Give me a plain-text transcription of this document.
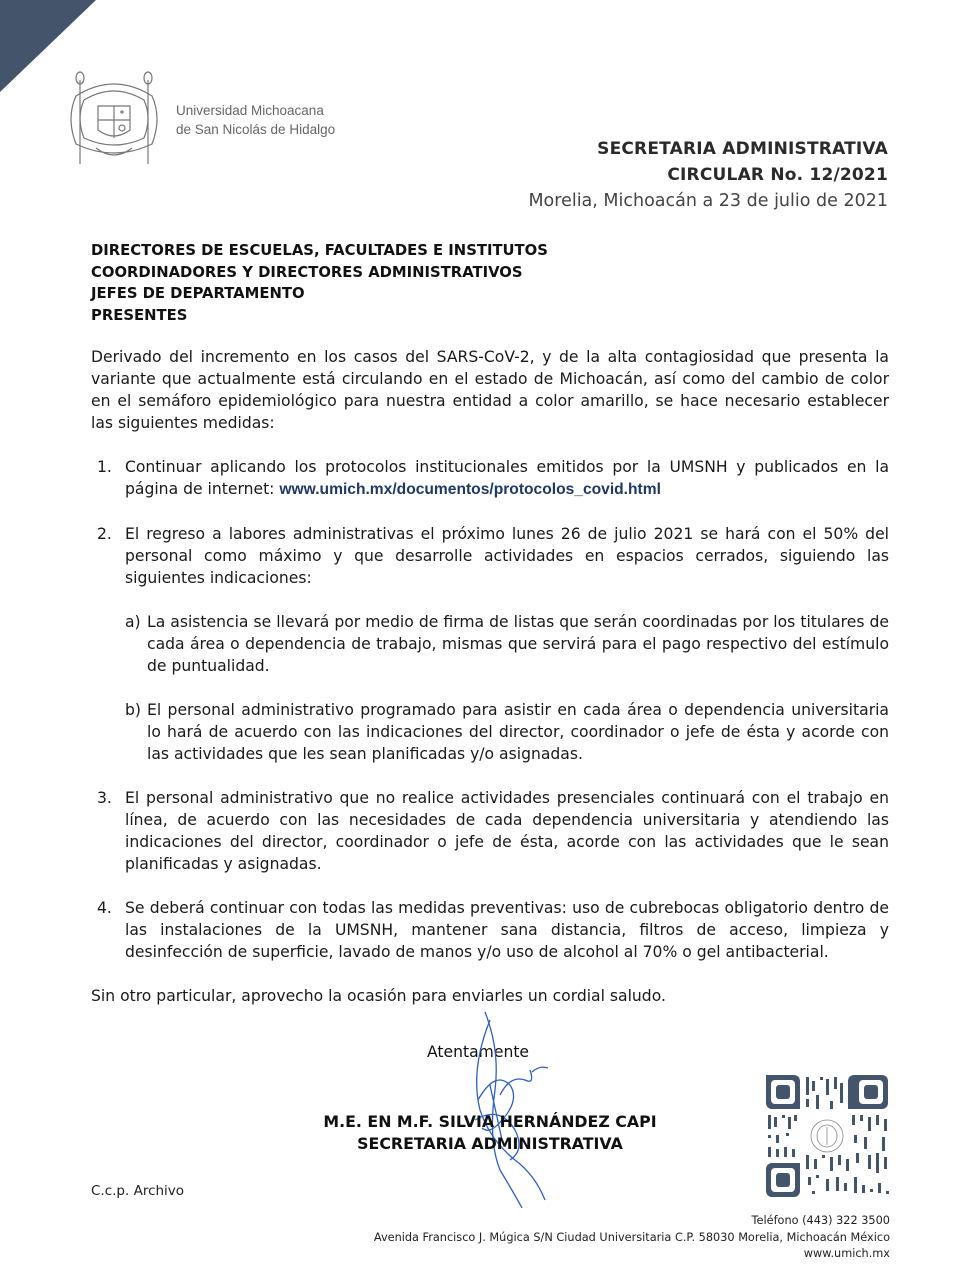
Universidad Michoacana
de San Nicolás de Hidalgo
SECRETARIA ADMINISTRATIVA
CIRCULAR No. 12/2021
Morelia, Michoacán a 23 de julio de 2021
DIRECTORES DE ESCUELAS, FACULTADES E INSTITUTOS
COORDINADORES Y DIRECTORES ADMINISTRATIVOS
JEFES DE DEPARTAMENTO
PRESENTES

Derivado del incremento en los casos del SARS-CoV-2, y de la alta contagiosidad que presenta la variante que actualmente está circulando en el estado de Michoacán, así como del cambio de color en el semáforo epidemiológico para nuestra entidad a color amarillo, se hace necesario establecer las siguientes medidas:

1. Continuar aplicando los protocolos institucionales emitidos por la UMSNH y publicados en la página de internet: www.umich.mx/documentos/protocolos_covid.html
2. El regreso a labores administrativas el próximo lunes 26 de julio 2021 se hará con el 50% del personal como máximo y que desarrolle actividades en espacios cerrados, siguiendo las siguientes indicaciones:
a) La asistencia se llevará por medio de firma de listas que serán coordinadas por los titulares de cada área o dependencia de trabajo, mismas que servirá para el pago respectivo del estímulo de puntualidad.
b) El personal administrativo programado para asistir en cada área o dependencia universitaria lo hará de acuerdo con las indicaciones del director, coordinador o jefe de ésta y acorde con las actividades que les sean planificadas y/o asignadas.
3. El personal administrativo que no realice actividades presenciales continuará con el trabajo en línea, de acuerdo con las necesidades de cada dependencia universitaria y atendiendo las indicaciones del director, coordinador o jefe de ésta, acorde con las actividades que le sean planificadas y asignadas.
4. Se deberá continuar con todas las medidas preventivas: uso de cubrebocas obligatorio dentro de las instalaciones de la UMSNH, mantener sana distancia, filtros de acceso, limpieza y desinfección de superficie, lavado de manos y/o uso de alcohol al 70% o gel antibacterial.

Sin otro particular, aprovecho la ocasión para enviarles un cordial saludo.

Atentamente
M.E. EN M.F. SILVIA HERNÁNDEZ CAPI
SECRETARIA ADMINISTRATIVA
C.c.p. Archivo
Teléfono (443) 322 3500
Avenida Francisco J. Múgica S/N Ciudad Universitaria C.P. 58030 Morelia, Michoacán México
www.umich.mx
